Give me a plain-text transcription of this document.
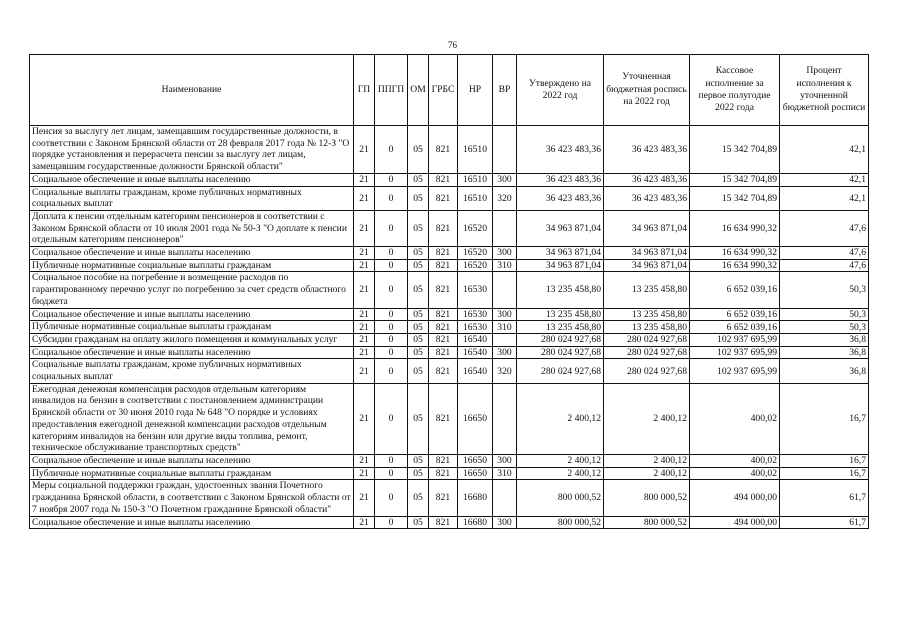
76
Наименование	ГП	ППГП	ОМ	ГРБС	НР	ВР	Утверждено на 2022 год	Уточненная бюджетная роспись на 2022 год	Кассовое исполнение за первое полугодие 2022 года	Процент исполнения к уточненной бюджетной росписи
Пенсия за выслугу лет лицам, замещавшим государственные должности, в соответствии с Законом Брянской области от 28 февраля 2017 года № 12-З "О порядке установления и перерасчета пенсии за выслугу лет лицам, замещавшим государственные должности Брянской области"	21	0	05	821	16510		36 423 483,36	36 423 483,36	15 342 704,89	42,1
Социальное обеспечение и иные выплаты населению	21	0	05	821	16510	300	36 423 483,36	36 423 483,36	15 342 704,89	42,1
Социальные выплаты гражданам, кроме публичных нормативных социальных выплат	21	0	05	821	16510	320	36 423 483,36	36 423 483,36	15 342 704,89	42,1
Доплата к пенсии отдельным категориям пенсионеров в соответствии с Законом Брянской области от 10 июля 2001 года № 50-З "О доплате к пенсии отдельным категориям пенсионеров"	21	0	05	821	16520		34 963 871,04	34 963 871,04	16 634 990,32	47,6
Социальное обеспечение и иные выплаты населению	21	0	05	821	16520	300	34 963 871,04	34 963 871,04	16 634 990,32	47,6
Публичные нормативные социальные выплаты гражданам	21	0	05	821	16520	310	34 963 871,04	34 963 871,04	16 634 990,32	47,6
Социальное пособие на погребение и возмещение расходов по гарантированному перечню услуг по погребению за счет средств областного бюджета	21	0	05	821	16530		13 235 458,80	13 235 458,80	6 652 039,16	50,3
Социальное обеспечение и иные выплаты населению	21	0	05	821	16530	300	13 235 458,80	13 235 458,80	6 652 039,16	50,3
Публичные нормативные социальные выплаты гражданам	21	0	05	821	16530	310	13 235 458,80	13 235 458,80	6 652 039,16	50,3
Субсидии гражданам на оплату жилого помещения и коммунальных услуг	21	0	05	821	16540		280 024 927,68	280 024 927,68	102 937 695,99	36,8
Социальное обеспечение и иные выплаты населению	21	0	05	821	16540	300	280 024 927,68	280 024 927,68	102 937 695,99	36,8
Социальные выплаты гражданам, кроме публичных нормативных социальных выплат	21	0	05	821	16540	320	280 024 927,68	280 024 927,68	102 937 695,99	36,8
Ежегодная денежная компенсация расходов отдельным категориям инвалидов на бензин в соответствии с постановлением администрации Брянской области от 30 июня 2010 года № 648 "О порядке и условиях предоставления ежегодной денежной компенсации расходов отдельным категориям инвалидов на бензин или другие виды топлива, ремонт, техническое обслуживание транспортных средств"	21	0	05	821	16650		2 400,12	2 400,12	400,02	16,7
Социальное обеспечение и иные выплаты населению	21	0	05	821	16650	300	2 400,12	2 400,12	400,02	16,7
Публичные нормативные социальные выплаты гражданам	21	0	05	821	16650	310	2 400,12	2 400,12	400,02	16,7
Меры социальной поддержки граждан, удостоенных звания Почетного гражданина Брянской области, в соответствии с Законом Брянской области от 7 ноября 2007 года № 150-З "О Почетном гражданине Брянской области"	21	0	05	821	16680		800 000,52	800 000,52	494 000,00	61,7
Социальное обеспечение и иные выплаты населению	21	0	05	821	16680	300	800 000,52	800 000,52	494 000,00	61,7
